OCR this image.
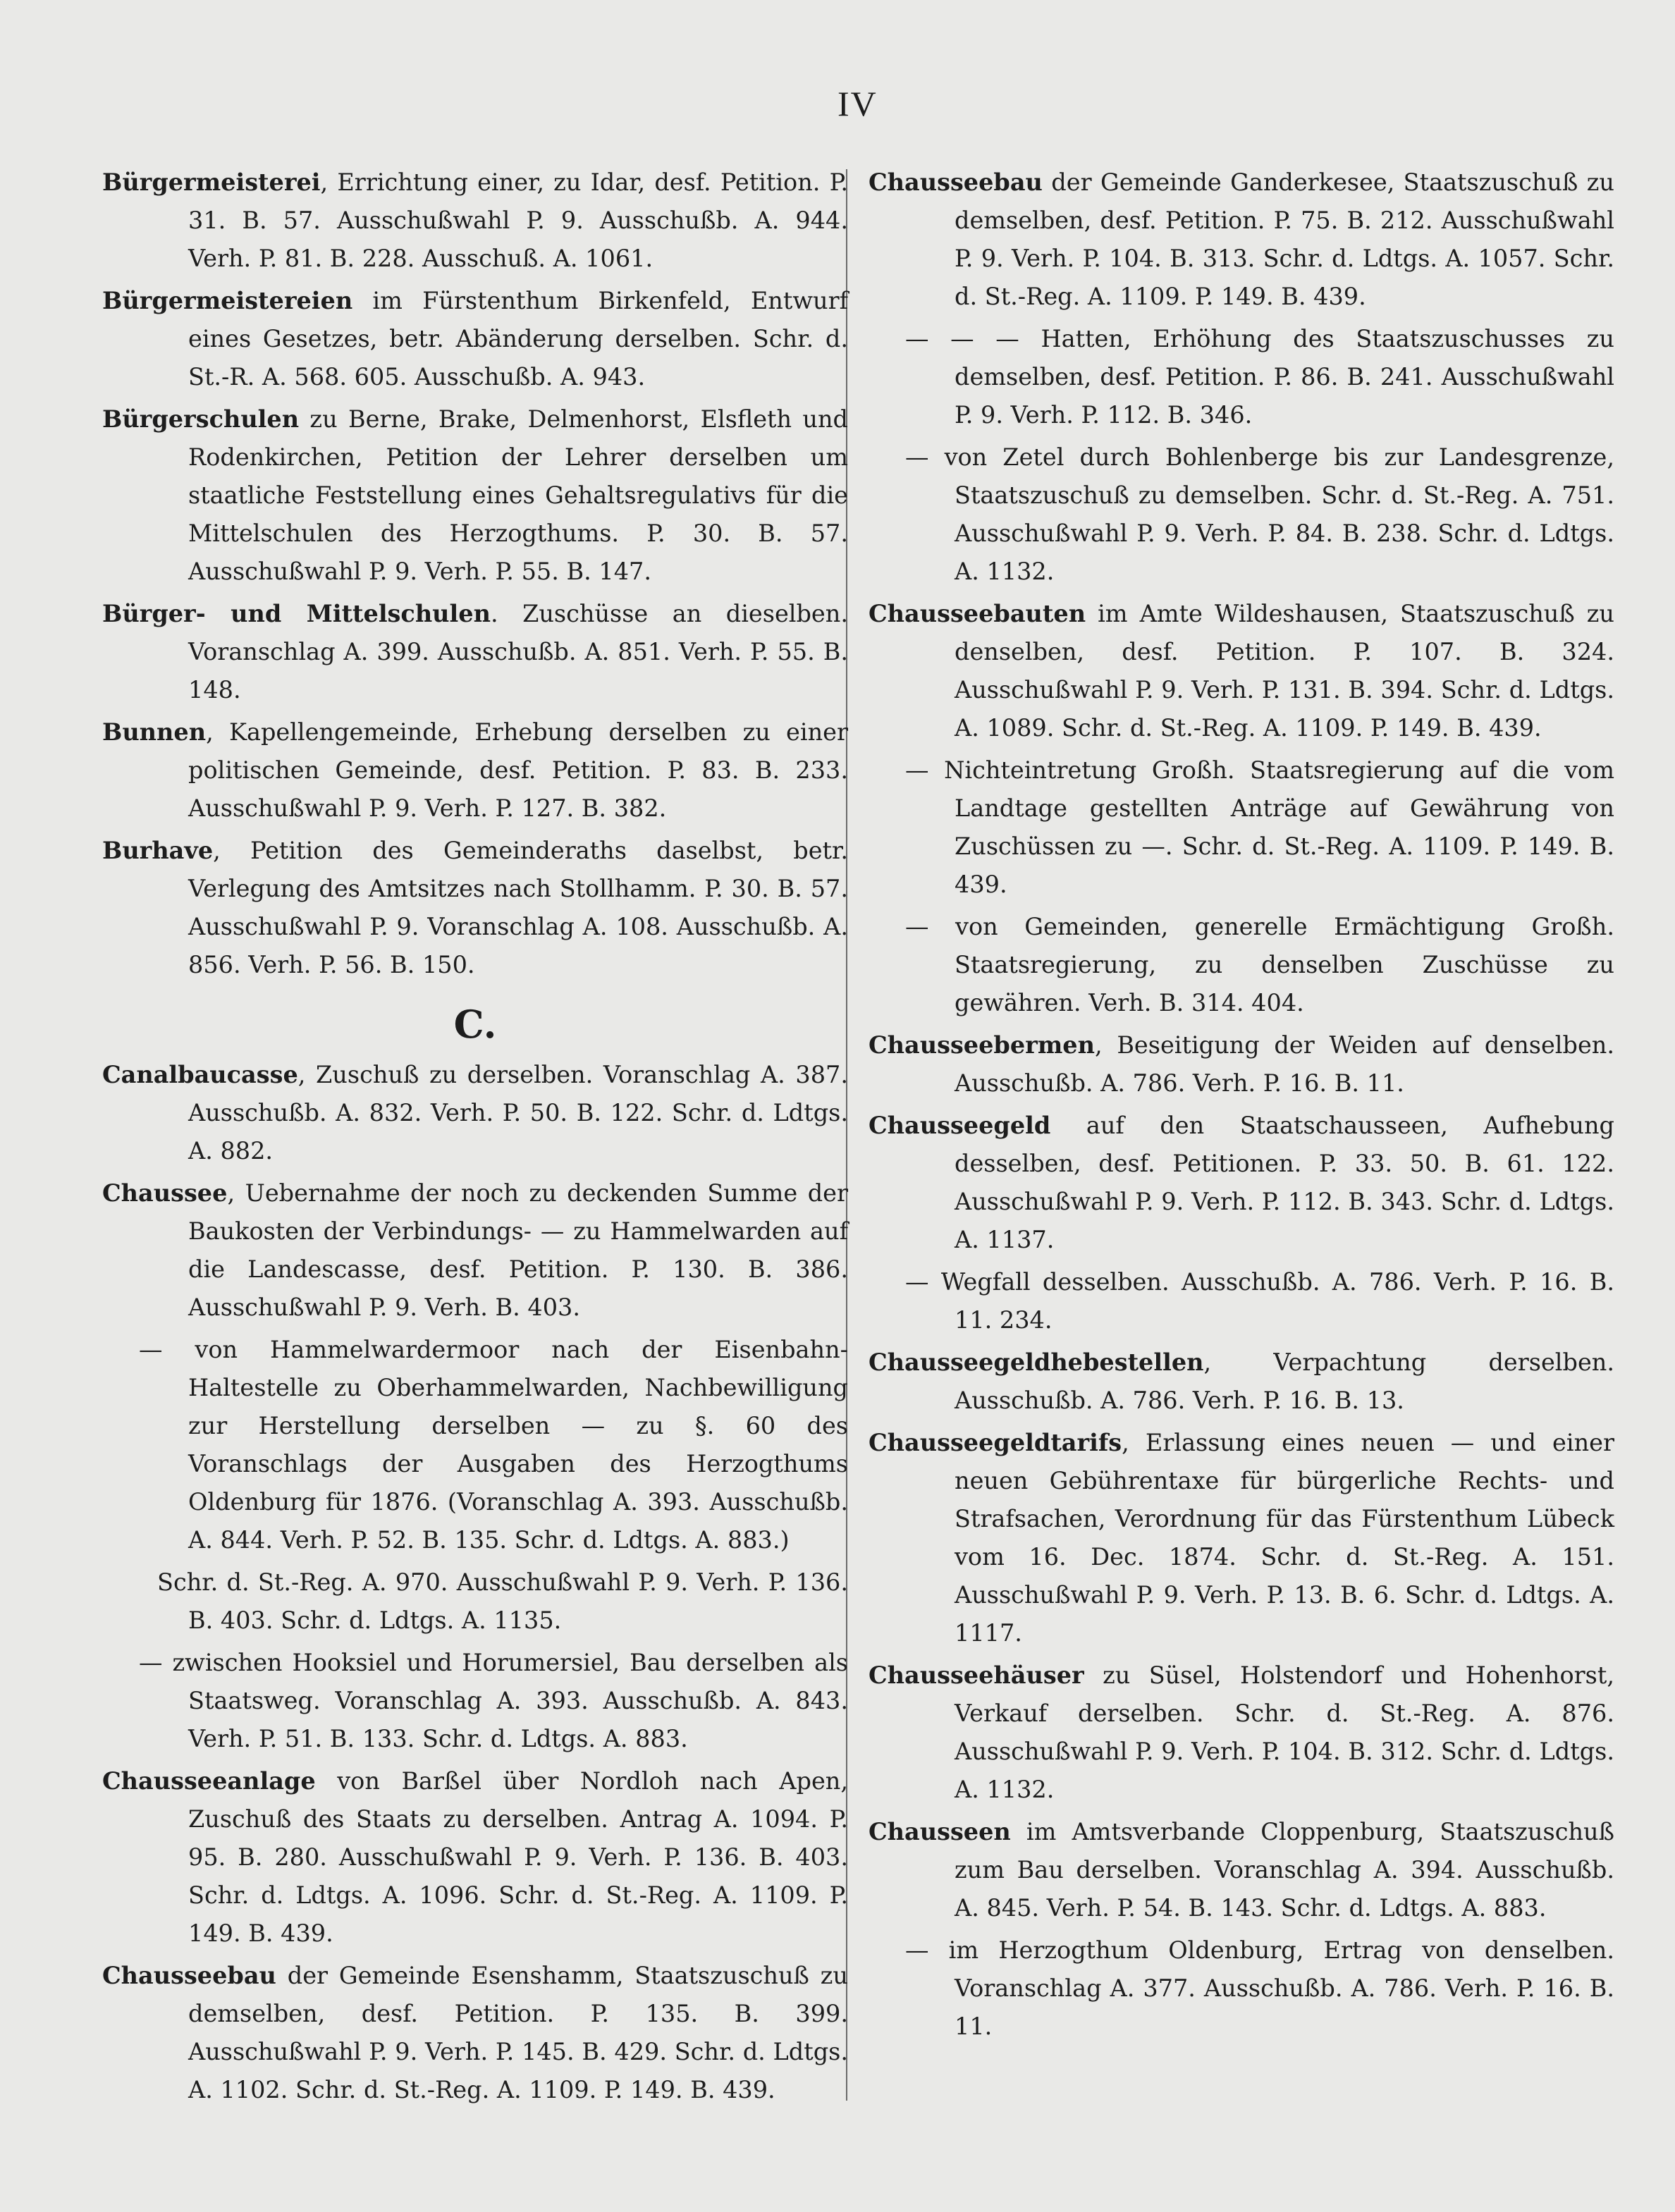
IV

Bürgermeisterei, Errichtung einer, zu Idar, desf. Petition. P. 31. B. 57. Ausschußwahl P. 9. Ausschußb. A. 944. Verh. P. 81. B. 228. Ausschuß. A. 1061.

Bürgermeistereien im Fürstenthum Birkenfeld, Entwurf eines Gesetzes, betr. Abänderung derselben. Schr. d. St.-R. A. 568. 605. Ausschußb. A. 943.

Bürgerschulen zu Berne, Brake, Delmenhorst, Elsfleth und Rodenkirchen, Petition der Lehrer derselben um staatliche Feststellung eines Gehaltsregulativs für die Mittelschulen des Herzogthums. P. 30. B. 57. Ausschußwahl P. 9. Verh. P. 55. B. 147.

Bürger- und Mittelschulen. Zuschüsse an dieselben. Voranschlag A. 399. Ausschußb. A. 851. Verh. P. 55. B. 148.

Bunnen, Kapellengemeinde, Erhebung derselben zu einer politischen Gemeinde, desf. Petition. P. 83. B. 233. Ausschußwahl P. 9. Verh. P. 127. B. 382.

Burhave, Petition des Gemeinderaths daselbst, betr. Verlegung des Amtsitzes nach Stollhamm. P. 30. B. 57. Ausschußwahl P. 9. Voranschlag A. 108. Ausschußb. A. 856. Verh. P. 56. B. 150.

C.

Canalbaucasse, Zuschuß zu derselben. Voranschlag A. 387. Ausschußb. A. 832. Verh. P. 50. B. 122. Schr. d. Ldtgs. A. 882.

Chaussee, Uebernahme der noch zu deckenden Summe der Baukosten der Verbindungs- — zu Hammelwarden auf die Landescasse, desf. Petition. P. 130. B. 386. Ausschußwahl P. 9. Verh. B. 403.

— von Hammelwardermoor nach der Eisenbahn-Haltestelle zu Oberhammelwarden, Nachbewilligung zur Herstellung derselben — zu §. 60 des Voranschlags der Ausgaben des Herzogthums Oldenburg für 1876. (Voranschlag A. 393. Ausschußb. A. 844. Verh. P. 52. B. 135. Schr. d. Ldtgs. A. 883.)

Schr. d. St.-Reg. A. 970. Ausschußwahl P. 9. Verh. P. 136. B. 403. Schr. d. Ldtgs. A. 1135.

— zwischen Hooksiel und Horumersiel, Bau derselben als Staatsweg. Voranschlag A. 393. Ausschußb. A. 843. Verh. P. 51. B. 133. Schr. d. Ldtgs. A. 883.

Chausseeanlage von Barßel über Nordloh nach Apen, Zuschuß des Staats zu derselben. Antrag A. 1094. P. 95. B. 280. Ausschußwahl P. 9. Verh. P. 136. B. 403. Schr. d. Ldtgs. A. 1096. Schr. d. St.-Reg. A. 1109. P. 149. B. 439.

Chausseebau der Gemeinde Esenshamm, Staatszuschuß zu demselben, desf. Petition. P. 135. B. 399. Ausschußwahl P. 9. Verh. P. 145. B. 429. Schr. d. Ldtgs. A. 1102. Schr. d. St.-Reg. A. 1109. P. 149. B. 439.

Chausseebau der Gemeinde Ganderkesee, Staatszuschuß zu demselben, desf. Petition. P. 75. B. 212. Ausschußwahl P. 9. Verh. P. 104. B. 313. Schr. d. Ldtgs. A. 1057. Schr. d. St.-Reg. A. 1109. P. 149. B. 439.

— — — Hatten, Erhöhung des Staatszuschusses zu demselben, desf. Petition. P. 86. B. 241. Ausschußwahl P. 9. Verh. P. 112. B. 346.

— von Zetel durch Bohlenberge bis zur Landesgrenze, Staatszuschuß zu demselben. Schr. d. St.-Reg. A. 751. Ausschußwahl P. 9. Verh. P. 84. B. 238. Schr. d. Ldtgs. A. 1132.

Chausseebauten im Amte Wildeshausen, Staatszuschuß zu denselben, desf. Petition. P. 107. B. 324. Ausschußwahl P. 9. Verh. P. 131. B. 394. Schr. d. Ldtgs. A. 1089. Schr. d. St.-Reg. A. 1109. P. 149. B. 439.

— Nichteintretung Großh. Staatsregierung auf die vom Landtage gestellten Anträge auf Gewährung von Zuschüssen zu —. Schr. d. St.-Reg. A. 1109. P. 149. B. 439.

— von Gemeinden, generelle Ermächtigung Großh. Staatsregierung, zu denselben Zuschüsse zu gewähren. Verh. B. 314. 404.

Chausseebermen, Beseitigung der Weiden auf denselben. Ausschußb. A. 786. Verh. P. 16. B. 11.

Chausseegeld auf den Staatschausseen, Aufhebung desselben, desf. Petitionen. P. 33. 50. B. 61. 122. Ausschußwahl P. 9. Verh. P. 112. B. 343. Schr. d. Ldtgs. A. 1137.

— Wegfall desselben. Ausschußb. A. 786. Verh. P. 16. B. 11. 234.

Chausseegeldhebestellen, Verpachtung derselben. Ausschußb. A. 786. Verh. P. 16. B. 13.

Chausseegeldtarifs, Erlassung eines neuen — und einer neuen Gebührentaxe für bürgerliche Rechts- und Strafsachen, Verordnung für das Fürstenthum Lübeck vom 16. Dec. 1874. Schr. d. St.-Reg. A. 151. Ausschußwahl P. 9. Verh. P. 13. B. 6. Schr. d. Ldtgs. A. 1117.

Chausseehäuser zu Süsel, Holstendorf und Hohenhorst, Verkauf derselben. Schr. d. St.-Reg. A. 876. Ausschußwahl P. 9. Verh. P. 104. B. 312. Schr. d. Ldtgs. A. 1132.

Chausseen im Amtsverbande Cloppenburg, Staatszuschuß zum Bau derselben. Voranschlag A. 394. Ausschußb. A. 845. Verh. P. 54. B. 143. Schr. d. Ldtgs. A. 883.

— im Herzogthum Oldenburg, Ertrag von denselben. Voranschlag A. 377. Ausschußb. A. 786. Verh. P. 16. B. 11.
